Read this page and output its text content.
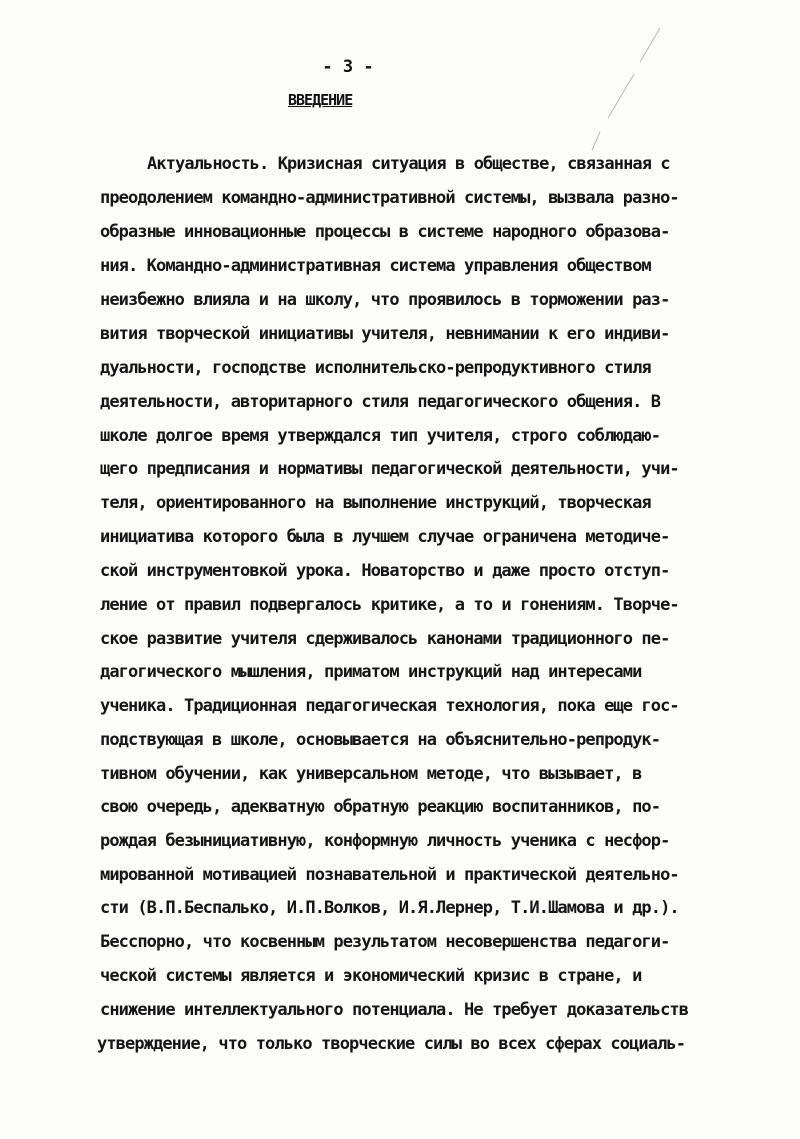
- 3 -
ВВЕДЕНИЕ
Актуальность. Кризисная ситуация в обществе, связанная с
преодолением командно-административной системы, вызвала разно-
образные инновационные процессы в системе народного образова-
ния. Командно-административная система управления обществом
неизбежно влияла и на школу, что проявилось в торможении раз-
вития творческой инициативы учителя, невнимании к его индиви-
дуальности, господстве исполнительско-репродуктивного стиля
деятельности, авторитарного стиля педагогического общения. В
школе долгое время утверждался тип учителя, строго соблюдаю-
щего предписания и нормативы педагогической деятельности, учи-
теля, ориентированного на выполнение инструкций, творческая
инициатива которого была в лучшем случае ограничена методиче-
ской инструментовкой урока. Новаторство и даже просто отступ-
ление от правил подвергалось критике, а то и гонениям. Творче-
ское развитие учителя сдерживалось канонами традиционного пе-
дагогического мышления, приматом инструкций над интересами
ученика. Традиционная педагогическая технология, пока еще гос-
подствующая в школе, основывается на объяснительно-репродук-
тивном обучении, как универсальном методе, что вызывает, в
свою очередь, адекватную обратную реакцию воспитанников, по-
рождая безынициативную, конформную личность ученика с несфор-
мированной мотивацией познавательной и практической деятельно-
сти (В.П.Беспалько, И.П.Волков, И.Я.Лернер, Т.И.Шамова и др.).
Бесспорно, что косвенным результатом несовершенства педагоги-
ческой системы является и экономический кризис в стране, и
снижение интеллектуального потенциала. Не требует доказательств
утверждение, что только творческие силы во всех сферах социаль-
